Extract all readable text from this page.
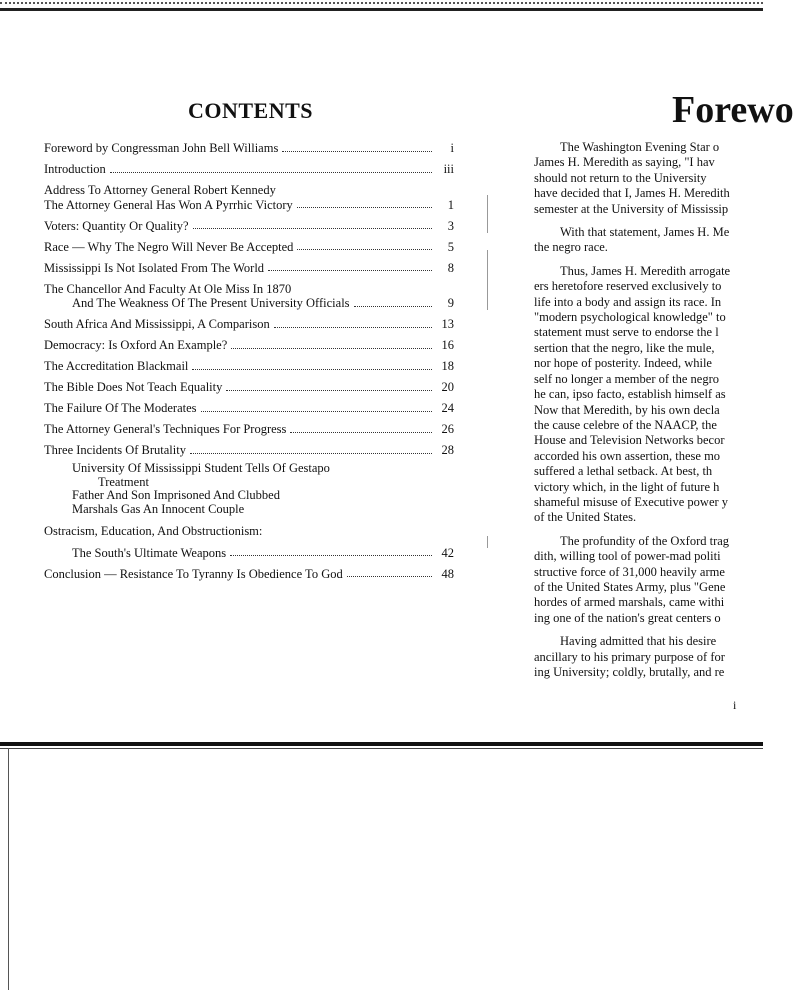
CONTENTS
Foreword by Congressman John Bell Williams	i
Introduction	iii
Address To Attorney General Robert Kennedy
The Attorney General Has Won A Pyrrhic Victory	1
Voters: Quantity Or Quality?	3
Race — Why The Negro Will Never Be Accepted	5
Mississippi Is Not Isolated From The World	8
The Chancellor And Faculty At Ole Miss In 1870
And The Weakness Of The Present University Officials	9
South Africa And Mississippi, A Comparison	13
Democracy: Is Oxford An Example?	16
The Accreditation Blackmail	18
The Bible Does Not Teach Equality	20
The Failure Of The Moderates	24
The Attorney General's Techniques For Progress	26
Three Incidents Of Brutality	28
University Of Mississippi Student Tells Of Gestapo
Treatment
Father And Son Imprisoned And Clubbed
Marshals Gas An Innocent Couple
Ostracism, Education, And Obstructionism:
The South's Ultimate Weapons	42
Conclusion — Resistance To Tyranny Is Obedience To God	48
Forewo

The Washington Evening Star o
James H. Meredith as saying, "I hav
should not return to the University
have decided that I, James H. Meredith
semester at the University of Mississip

With that statement, James H. Me
the negro race.

Thus, James H. Meredith arrogate
ers heretofore reserved exclusively to
life into a body and assign its race. In
"modern psychological knowledge" to
statement must serve to endorse the l
sertion that the negro, like the mule,
nor hope of posterity. Indeed, while
self no longer a member of the negro
he can, ipso facto, establish himself as
Now that Meredith, by his own decla
the cause celebre of the NAACP, the
House and Television Networks becor
accorded his own assertion, these mo
suffered a lethal setback. At best, th
victory which, in the light of future h
shameful misuse of Executive power y
of the United States.

The profundity of the Oxford trag
dith, willing tool of power-mad politi
structive force of 31,000 heavily arme
of the United States Army, plus "Gene
hordes of armed marshals, came withi
ing one of the nation's great centers o

Having admitted that his desire
ancillary to his primary purpose of for
ing University; coldly, brutally, and re

i
